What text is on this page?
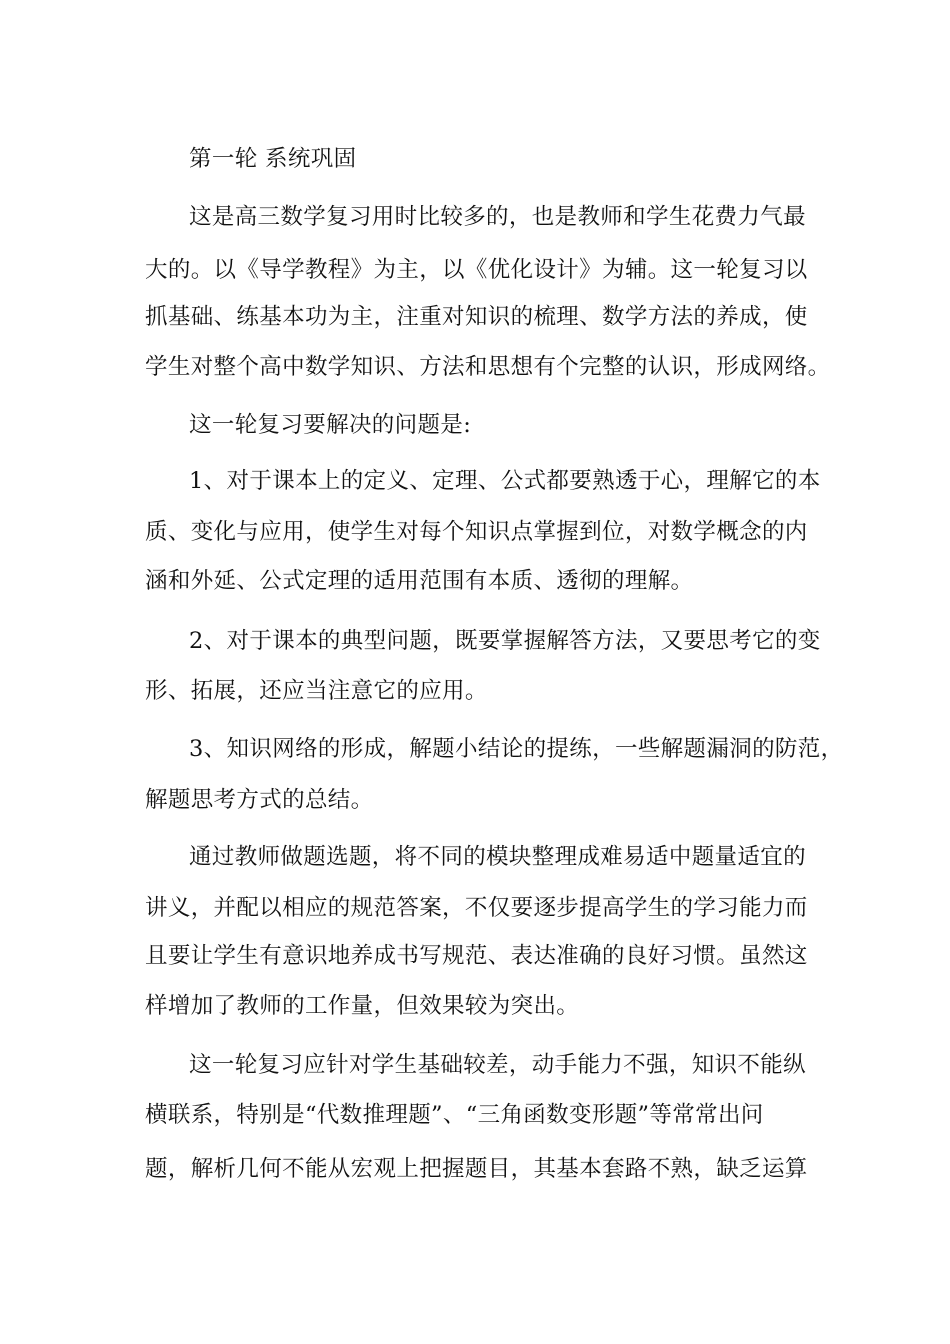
第一轮 系统巩固
这是高三数学复习用时比较多的，也是教师和学生花费力气最
大的。以《导学教程》为主，以《优化设计》为辅。这一轮复习以
抓基础、练基本功为主，注重对知识的梳理、数学方法的养成，使
学生对整个高中数学知识、方法和思想有个完整的认识，形成网络。
这一轮复习要解决的问题是:
1、对于课本上的定义、定理、公式都要熟透于心，理解它的本
质、变化与应用，使学生对每个知识点掌握到位，对数学概念的内
涵和外延、公式定理的适用范围有本质、透彻的理解。
2、对于课本的典型问题，既要掌握解答方法，又要思考它的变
形、拓展，还应当注意它的应用。
3、知识网络的形成，解题小结论的提练，一些解题漏洞的防范，
解题思考方式的总结。
通过教师做题选题，将不同的模块整理成难易适中题量适宜的
讲义，并配以相应的规范答案，不仅要逐步提高学生的学习能力而
且要让学生有意识地养成书写规范、表达准确的良好习惯。虽然这
样增加了教师的工作量，但效果较为突出。
这一轮复习应针对学生基础较差，动手能力不强，知识不能纵
横联系，特别是“代数推理题”、“三角函数变形题”等常常出问
题，解析几何不能从宏观上把握题目，其基本套路不熟，缺乏运算
